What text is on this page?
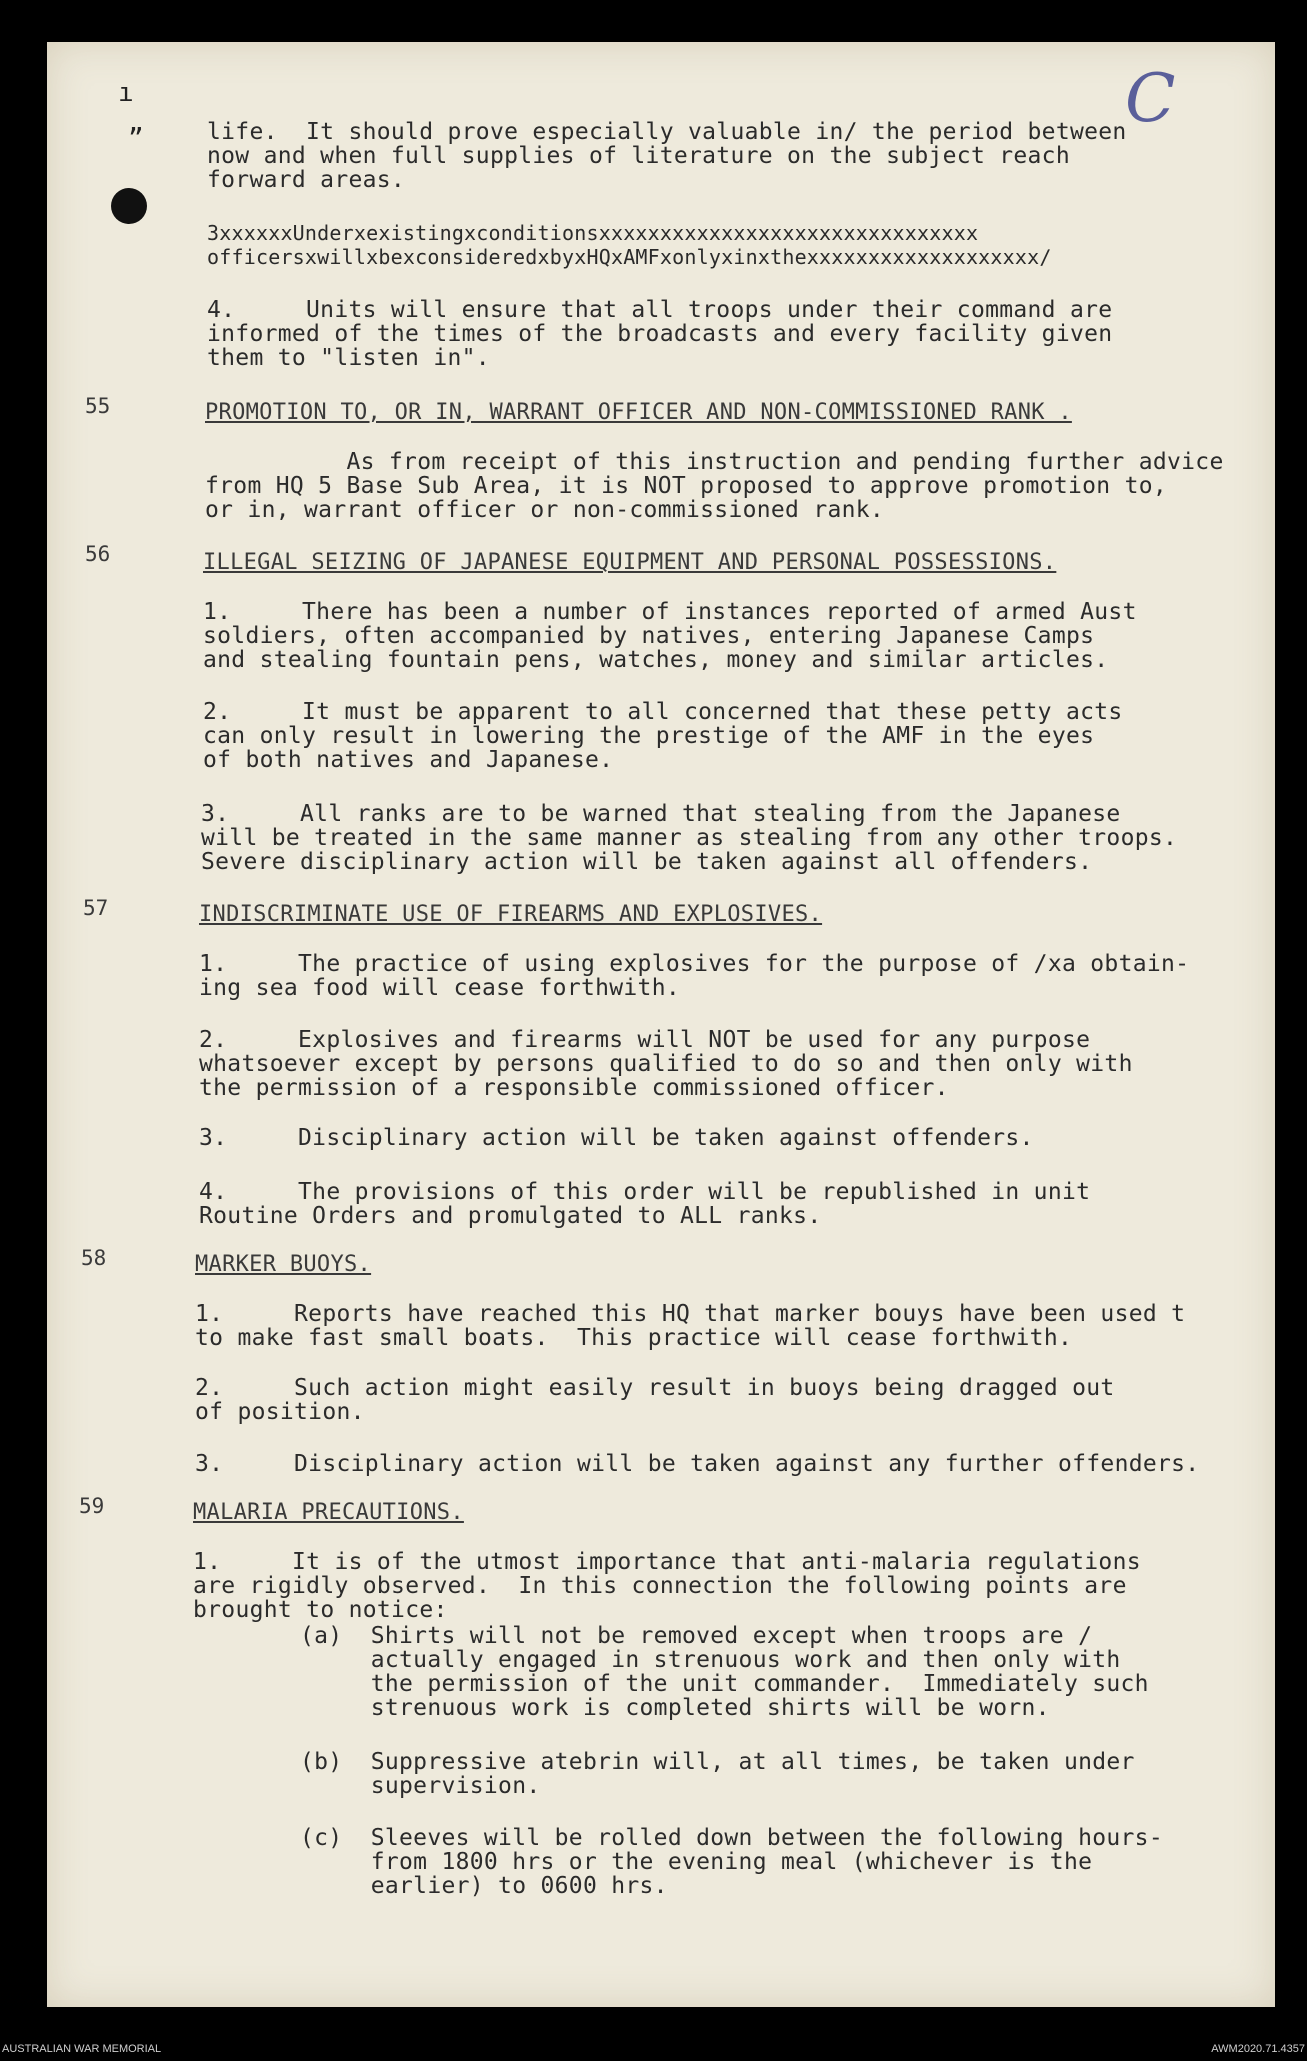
ı
„	C
life.  It should prove especially valuable in∕ the period between
now and when full supplies of literature on the subject reach
forward areas.
3xxxxxxUnderxexistingxconditionsxxxxxxxxxxxxxxxxxxxxxxxxxxxxxxx
officersxwillxbexconsideredxbyxHQxAMFxonlyxinxthexxxxxxxxxxxxxxxxxxx∕
4.     Units will ensure that all troops under their command are
informed of the times of the broadcasts and every facility given
them to "listen in".
55	PROMOTION TO, OR IN, WARRANT OFFICER AND NON-COMMISSIONED RANK .
As from receipt of this instruction and pending further advice
from HQ 5 Base Sub Area, it is NOT proposed to approve promotion to,
or in, warrant officer or non-commissioned rank.
56	ILLEGAL SEIZING OF JAPANESE EQUIPMENT AND PERSONAL POSSESSIONS.
1.     There has been a number of instances reported of armed Aust
soldiers, often accompanied by natives, entering Japanese Camps
and stealing fountain pens, watches, money and similar articles.
2.     It must be apparent to all concerned that these petty acts
can only result in lowering the prestige of the AMF in the eyes
of both natives and Japanese.
3.     All ranks are to be warned that stealing from the Japanese
will be treated in the same manner as stealing from any other troops.
Severe disciplinary action will be taken against all offenders.
57	INDISCRIMINATE USE OF FIREARMS AND EXPLOSIVES.
1.     The practice of using explosives for the purpose of ∕xa obtain-
ing sea food will cease forthwith.
2.     Explosives and firearms will NOT be used for any purpose
whatsoever except by persons qualified to do so and then only with
the permission of a responsible commissioned officer.
3.     Disciplinary action will be taken against offenders.
4.     The provisions of this order will be republished in unit
Routine Orders and promulgated to ALL ranks.
58	MARKER BUOYS.
1.     Reports have reached this HQ that marker bouys have been used t
to make fast small boats.  This practice will cease forthwith.
2.     Such action might easily result in buoys being dragged out
of position.
3.     Disciplinary action will be taken against any further offenders.
59	MALARIA PRECAUTIONS.
1.     It is of the utmost importance that anti-malaria regulations
are rigidly observed.  In this connection the following points are
brought to notice:
(a)  Shirts will not be removed except when troops are ∕
actually engaged in strenuous work and then only with
the permission of the unit commander.  Immediately such
strenuous work is completed shirts will be worn.
(b)  Suppressive atebrin will, at all times, be taken under
supervision.
(c)  Sleeves will be rolled down between the following hours-
from 1800 hrs or the evening meal (whichever is the
earlier) to 0600 hrs.
AUSTRALIAN WAR MEMORIAL	AWM2020.71.4357
